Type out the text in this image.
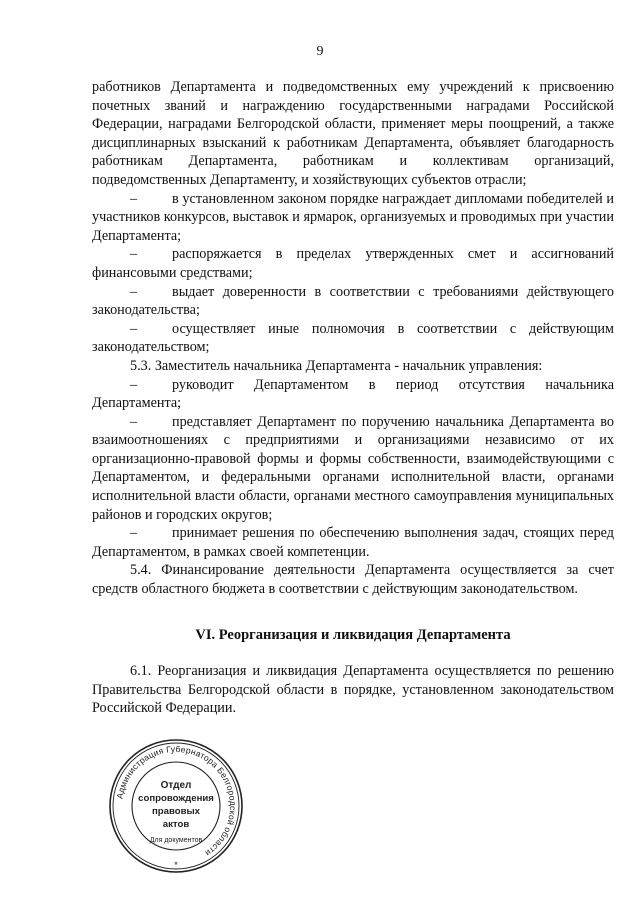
9

работников Департамента и подведомственных ему учреждений к присвоению почетных званий и награждению государственными наградами Российской Федерации, наградами Белгородской области, применяет меры поощрений, а также дисциплинарных взысканий к работникам Департамента, объявляет благодарность работникам Департамента, работникам и коллективам организаций, подведомственных Департаменту, и хозяйствующих субъектов отрасли;

– в установленном законом порядке награждает дипломами победителей и участников конкурсов, выставок и ярмарок, организуемых и проводимых при участии Департамента;

– распоряжается в пределах утвержденных смет и ассигнований финансовыми средствами;

– выдает доверенности в соответствии с требованиями действующего законодательства;

– осуществляет иные полномочия в соответствии с действующим законодательством;

5.3. Заместитель начальника Департамента - начальник управления:

– руководит Департаментом в период отсутствия начальника Департамента;

– представляет Департамент по поручению начальника Департамента во взаимоотношениях с предприятиями и организациями независимо от их организационно-правовой формы и формы собственности, взаимодействующими с Департаментом, и федеральными органами исполнительной власти, органами исполнительной власти области, органами местного самоуправления муниципальных районов и городских округов;

– принимает решения по обеспечению выполнения задач, стоящих перед Департаментом, в рамках своей компетенции.

5.4. Финансирование деятельности Департамента осуществляется за счет средств областного бюджета в соответствии с действующим законодательством.

VI. Реорганизация и ликвидация Департамента

6.1. Реорганизация и ликвидация Департамента осуществляется по решению Правительства Белгородской области в порядке, установленном законодательством Российской Федерации.

Администрация Губернатора Белгородской области
Отдел
сопровождения
правовых
актов
Для документов
*
